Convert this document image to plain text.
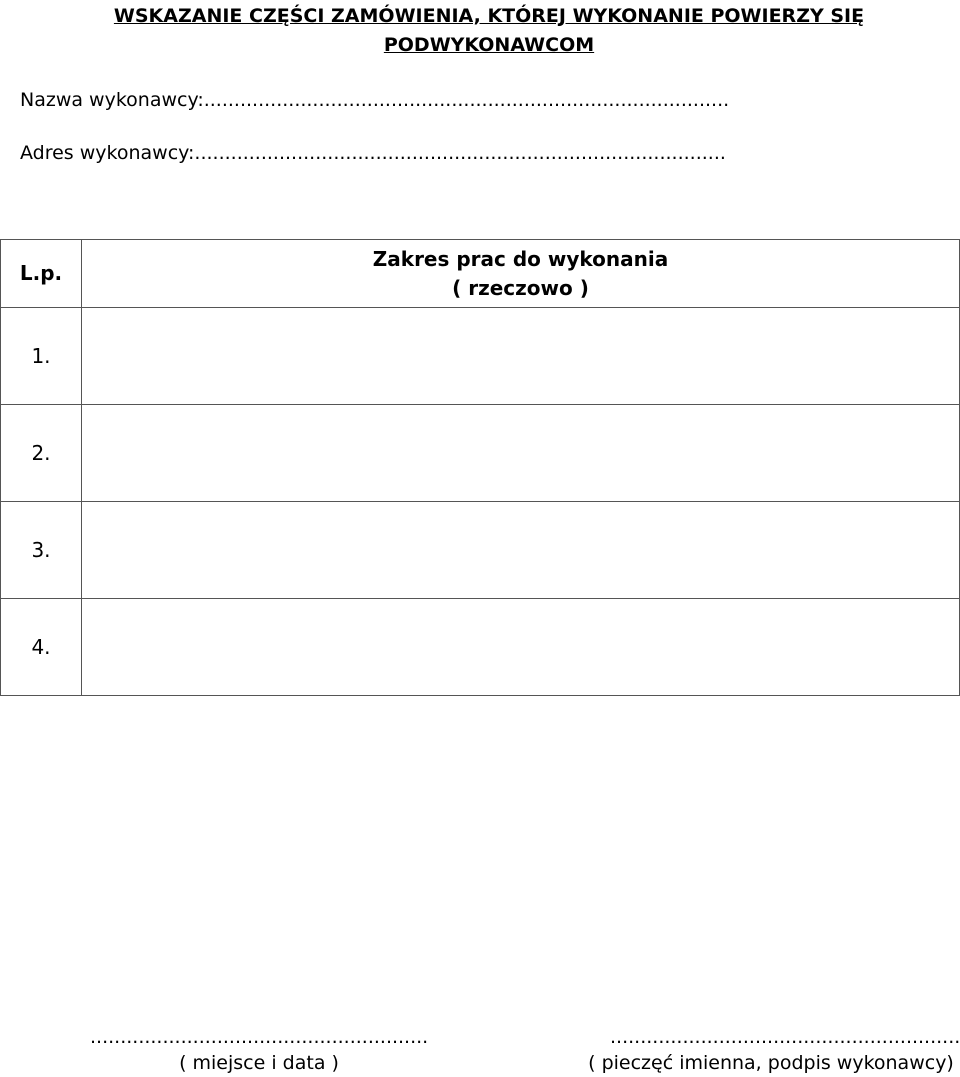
WSKAZANIE CZĘŚCI ZAMÓWIENIA, KTÓREJ WYKONANIE POWIERZY SIĘ
PODWYKONAWCOM
Nazwa wykonawcy:.......................................................................................
Adres wykonawcy:........................................................................................
L.p.	Zakres prac do wykonania
( rzeczowo )

1.	
2.	
3.	
4.	
........................................................
( miejsce i data )
..........................................................
( pieczęć imienna, podpis wykonawcy)
